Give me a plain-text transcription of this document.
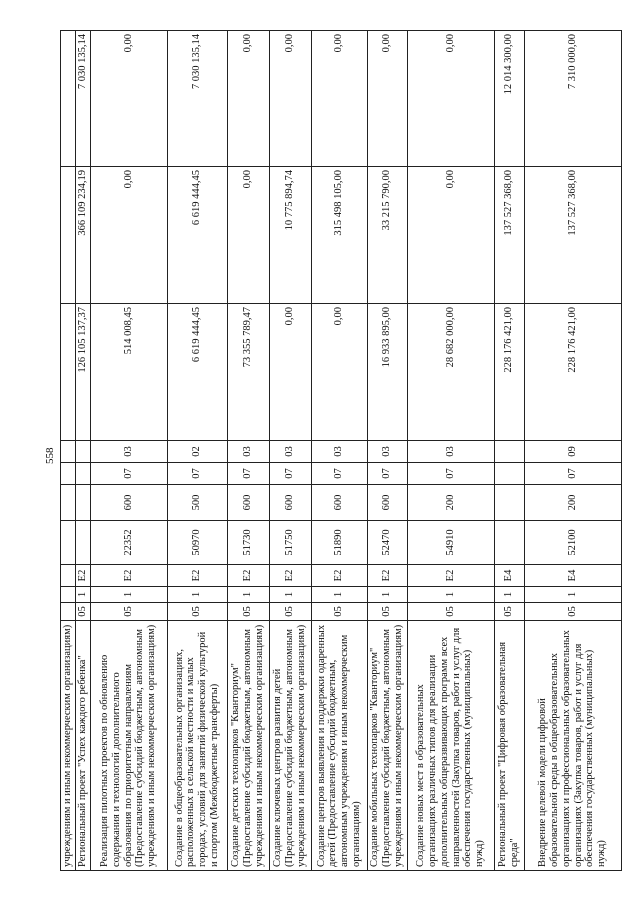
558
учреждениям и иным некоммерческим организациям)										
Региональный проект "Успех каждого ребенка"	05	1	E2					126 105 137,37	366 109 234,19	7 030 135,14
Реализация пилотных проектов по обновлению содержания и технологий дополнительного образования по приоритетным направлениям (Предоставление субсидий бюджетным, автономным учреждениям и иным некоммерческим организациям)	05	1	E2	22352	600	07	03	514 008,45	0,00	0,00
Создание в общеобразовательных организациях, расположенных в сельской местности и малых городах, условий для занятий физической культурой и спортом (Межбюджетные трансферты)	05	1	E2	50970	500	07	02	6 619 444,45	6 619 444,45	7 030 135,14
Создание детских технопарков "Кванториум" (Предоставление субсидий бюджетным, автономным учреждениям и иным некоммерческим организациям)	05	1	E2	51730	600	07	03	73 355 789,47	0,00	0,00
Создание ключевых центров развития детей (Предоставление субсидий бюджетным, автономным учреждениям и иным некоммерческим организациям)	05	1	E2	51750	600	07	03	0,00	10 775 894,74	0,00
Создание центров выявления и поддержки одаренных детей (Предоставление субсидий бюджетным, автономным учреждениям и иным некоммерческим организациям)	05	1	E2	51890	600	07	03	0,00	315 498 105,00	0,00
Создание мобильных технопарков "Кванториум" (Предоставление субсидий бюджетным, автономным учреждениям и иным некоммерческим организациям)	05	1	E2	52470	600	07	03	16 933 895,00	33 215 790,00	0,00
Создание новых мест в образовательных организациях различных типов для реализации дополнительных общеразвивающих программ всех направленностей (Закупка товаров, работ и услуг для обеспечения государственных (муниципальных) нужд)	05	1	E2	54910	200	07	03	28 682 000,00	0,00	0,00
Региональный проект "Цифровая образовательная среда"	05	1	E4					228 176 421,00	137 527 368,00	12 014 300,00
Внедрение целевой модели цифровой образовательной среды в общеобразовательных организациях и профессиональных образовательных организациях (Закупка товаров, работ и услуг для обеспечения государственных (муниципальных) нужд)	05	1	E4	52100	200	07	09	228 176 421,00	137 527 368,00	7 310 000,00
